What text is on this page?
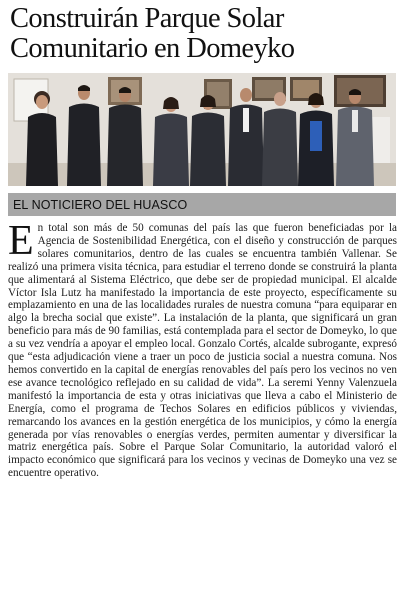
Construirán Parque Solar Comunitario en Domeyko
EL NOTICIERO DEL HUASCO

En total son más de 50 comunas del país las que fueron beneficiadas por la Agencia de Sostenibilidad Energética, con el diseño y construcción de parques solares comunitarios, dentro de las cuales se encuentra también Vallenar. Se realizó una primera visita técnica, para estudiar el terreno donde se construirá la planta que alimentará al Sistema Eléctrico, que debe ser de propiedad municipal. El alcalde Víctor Isla Lutz ha manifestado la importancia de este proyecto, específicamente su emplazamiento en una de las localidades rurales de nuestra comuna “para equiparar en algo la brecha social que existe”. La instalación de la planta, que significará un gran beneficio para más de 90 familias, está contemplada para el sector de Domeyko, lo que a su vez vendría a apoyar el empleo local. Gonzalo Cortés, alcalde subrogante, expresó que “esta adjudicación viene a traer un poco de justicia social a nuestra comuna. Nos hemos convertido en la capital de energías renovables del país pero los vecinos no ven ese avance tecnológico reflejado en su calidad de vida”. La seremi Yenny Valenzuela manifestó la importancia de esta y otras iniciativas que lleva a cabo el Ministerio de Energía, como el programa de Techos Solares en edificios públicos y viviendas, remarcando los avances en la gestión energética de los municipios, y cómo la energía generada por vías renovables o energías verdes, permiten aumentar y diversificar la matriz energética país. Sobre el Parque Solar Comunitario, la autoridad valoró el impacto económico que significará para los vecinos y vecinas de Domeyko una vez se encuentre operativo.
